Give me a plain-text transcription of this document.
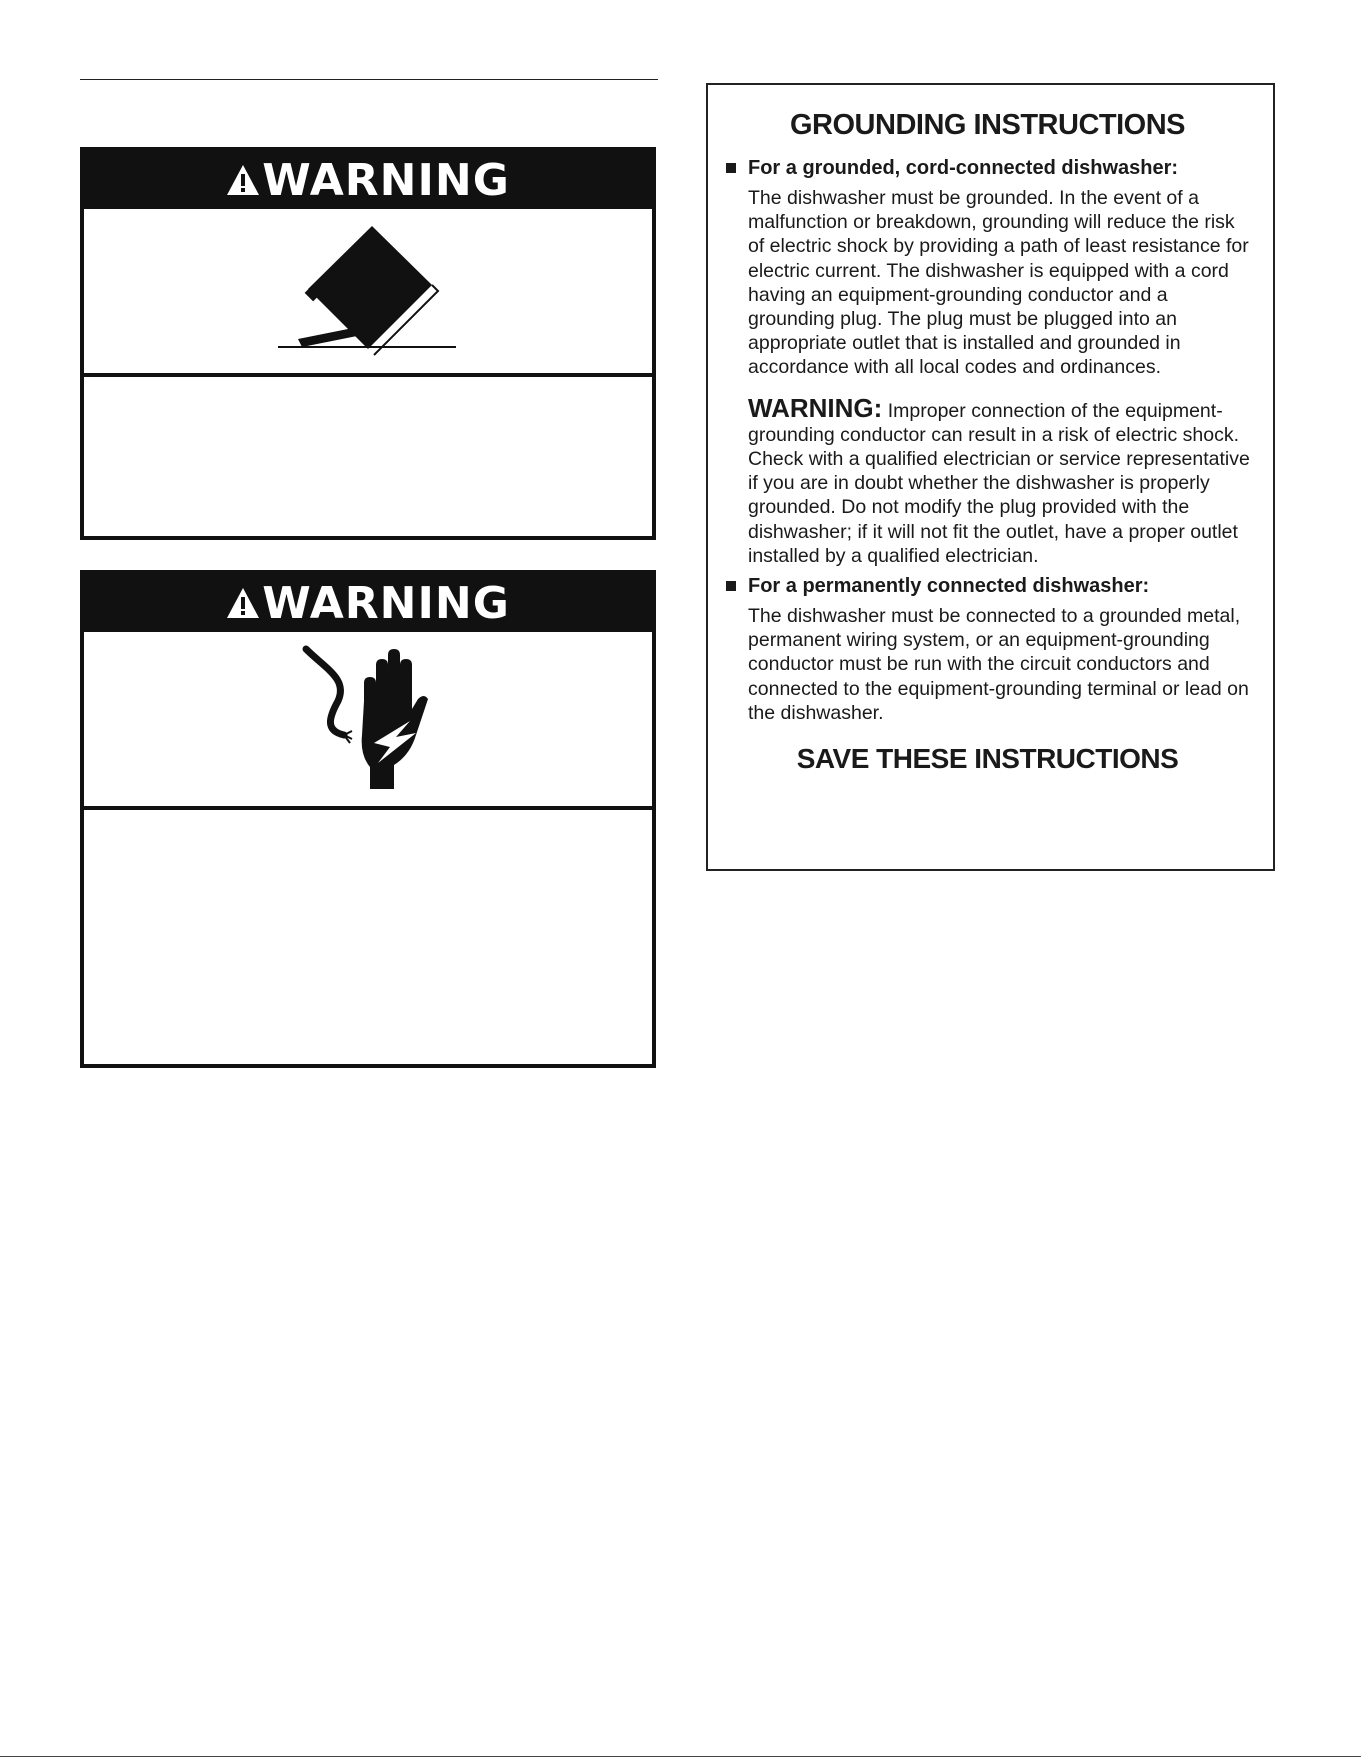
WARNING
WARNING
GROUNDING INSTRUCTIONS
For a grounded, cord-connected dishwasher:

The dishwasher must be grounded. In the event of a malfunction or breakdown, grounding will reduce the risk of electric shock by providing a path of least resistance for electric current. The dishwasher is equipped with a cord having an equipment-grounding conductor and a grounding plug. The plug must be plugged into an appropriate outlet that is installed and grounded in accordance with all local codes and ordinances.

WARNING: Improper connection of the equipment-grounding conductor can result in a risk of electric shock. Check with a qualified electrician or service representative if you are in doubt whether the dishwasher is properly grounded. Do not modify the plug provided with the dishwasher; if it will not fit the outlet, have a proper outlet installed by a qualified electrician.

For a permanently connected dishwasher:

The dishwasher must be connected to a grounded metal, permanent wiring system, or an equipment-grounding conductor must be run with the circuit conductors and connected to the equipment-grounding terminal or lead on the dishwasher.

SAVE THESE INSTRUCTIONS
